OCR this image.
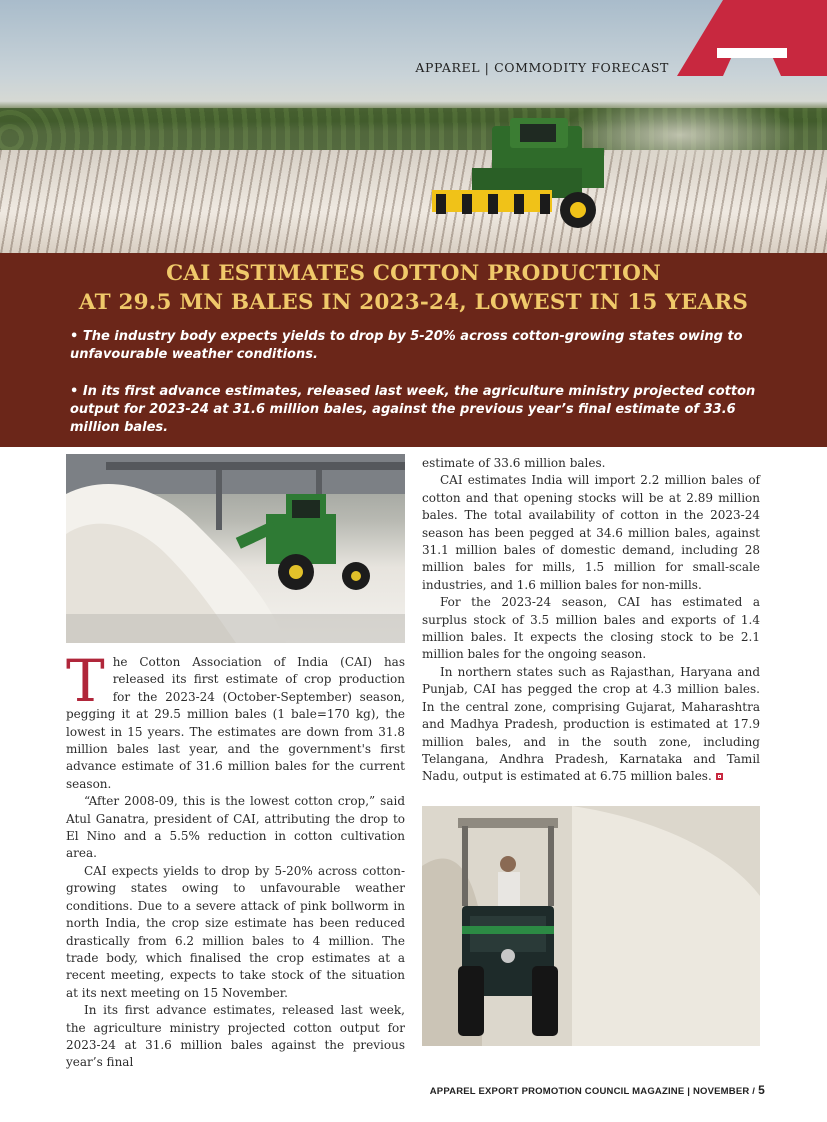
APPAREL | COMMODITY FORECAST
CAI ESTIMATES COTTON PRODUCTION
AT 29.5 MN BALES IN 2023-24, LOWEST IN 15 YEARS

• The industry body expects yields to drop by 5-20% across cotton-growing states owing to unfavourable weather conditions.

• In its first advance estimates, released last week, the agriculture ministry projected cotton output for 2023-24 at 31.6 million bales, against the previous year’s final estimate of 33.6 million bales.

The Cotton Association of India (CAI) has released its first estimate of crop production for the 2023-24 (October-September) season, pegging it at 29.5 million bales (1 bale=170 kg), the lowest in 15 years. The estimates are down from 31.8 million bales last year, and the government's first advance estimate of 31.6 million bales for the current season.

“After 2008-09, this is the lowest cotton crop,” said Atul Ganatra, president of CAI, attributing the drop to El Nino and a 5.5% reduction in cotton cultivation area.

CAI expects yields to drop by 5-20% across cotton-growing states owing to unfavourable weather conditions. Due to a severe attack of pink bollworm in north India, the crop size estimate has been reduced drastically from 6.2 million bales to 4 million. The trade body, which finalised the crop estimates at a recent meeting, expects to take stock of the situation at its next meeting on 15 November.

In its first advance estimates, released last week, the agriculture ministry projected cotton output for 2023-24 at 31.6 million bales against the previous year’s final

estimate of 33.6 million bales.

CAI estimates India will import 2.2 million bales of cotton and that opening stocks will be at 2.89 million bales. The total availability of cotton in the 2023-24 season has been pegged at 34.6 million bales, against 31.1 million bales of domestic demand, including 28 million bales for mills, 1.5 million for small-scale industries, and 1.6 million bales for non-mills.

For the 2023-24 season, CAI has estimated a surplus stock of 3.5 million bales and exports of 1.4 million bales. It expects the closing stock to be 2.1 million bales for the ongoing season.

In northern states such as Rajasthan, Haryana and Punjab, CAI has pegged the crop at 4.3 million bales. In the central zone, comprising Gujarat, Maharashtra and Madhya Pradesh, production is estimated at 17.9 million bales, and in the south zone, including Telangana, Andhra Pradesh, Karnataka and Tamil Nadu, output is estimated at 6.75 million bales.

APPAREL EXPORT PROMOTION COUNCIL MAGAZINE | NOVEMBER / 5
